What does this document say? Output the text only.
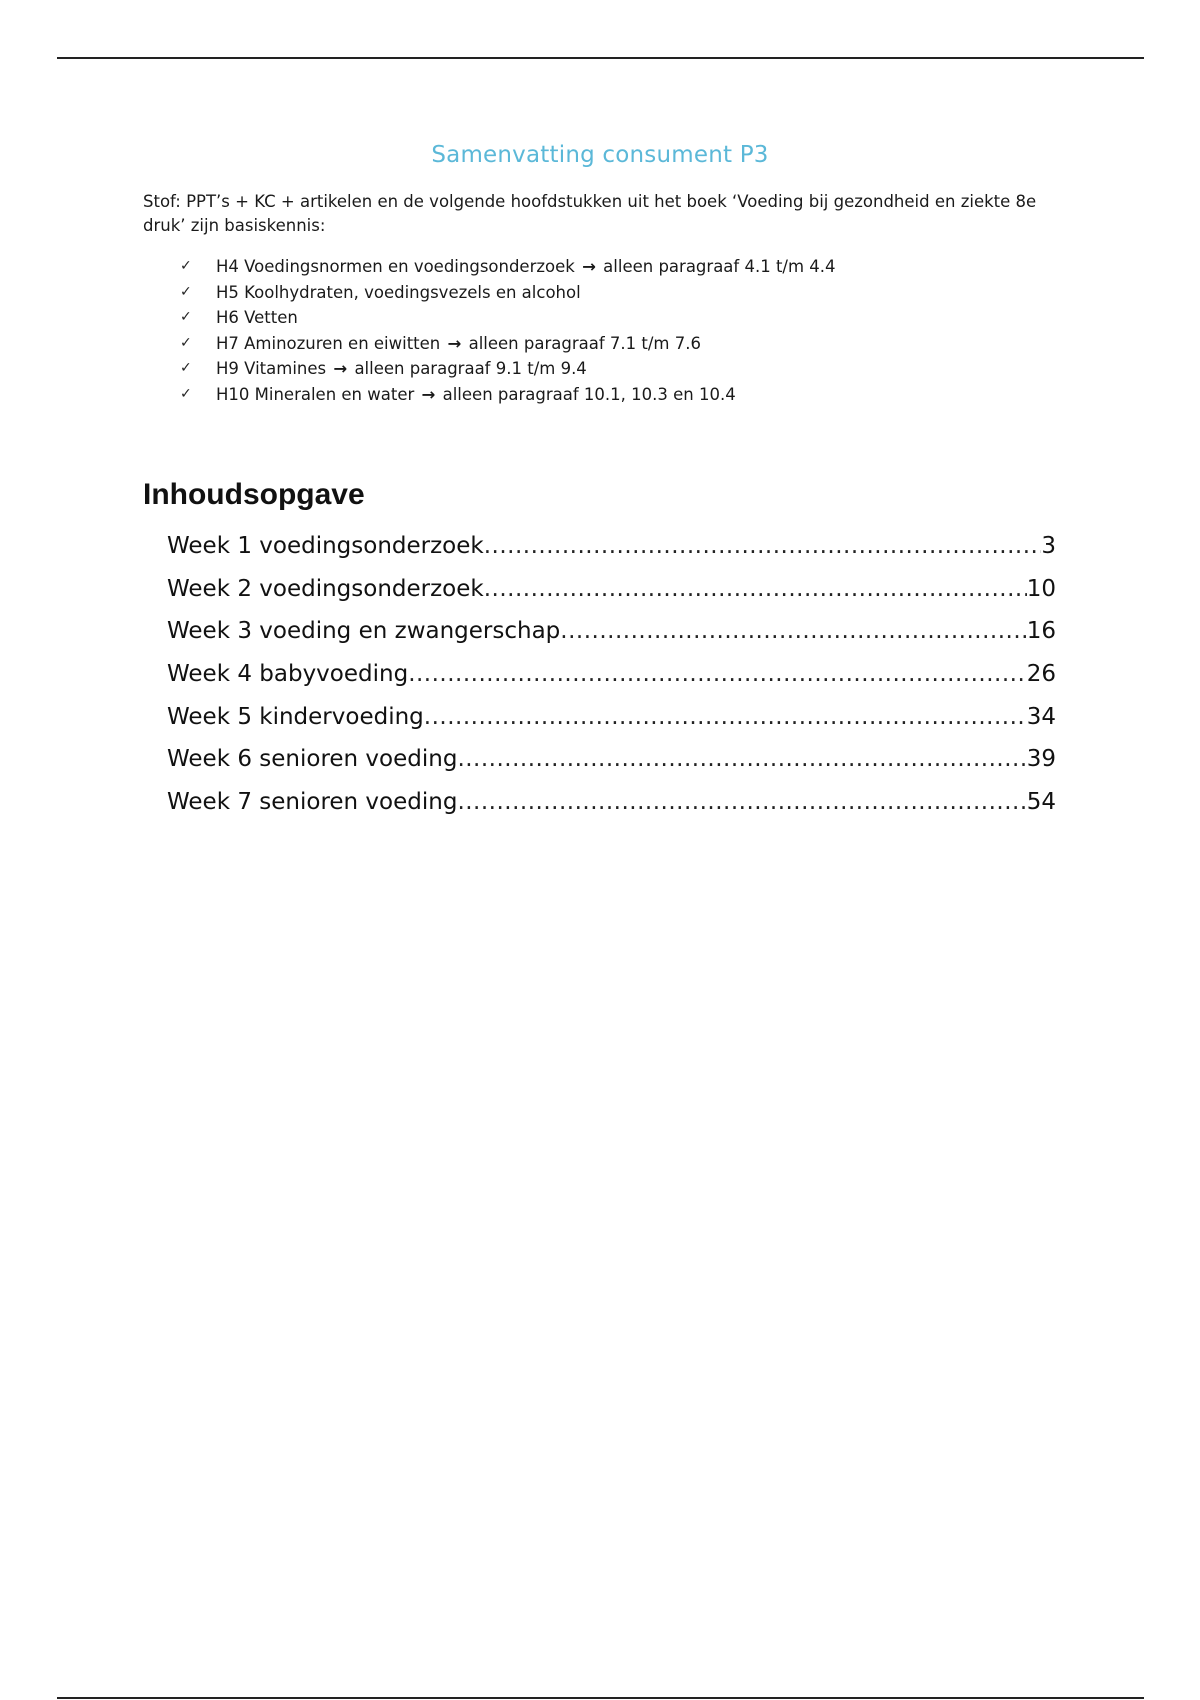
Samenvatting consument P3
Stof: PPT’s + KC + artikelen en de volgende hoofdstukken uit het boek ‘Voeding bij gezondheid en ziekte 8e druk’ zijn basiskennis:
✓ H4 Voedingsnormen en voedingsonderzoek → alleen paragraaf 4.1 t/m 4.4
✓ H5 Koolhydraten, voedingsvezels en alcohol
✓ H6 Vetten
✓ H7 Aminozuren en eiwitten → alleen paragraaf 7.1 t/m 7.6
✓ H9 Vitamines → alleen paragraaf 9.1 t/m 9.4
✓ H10 Mineralen en water → alleen paragraaf 10.1, 10.3 en 10.4
Inhoudsopgave
Week 1 voedingsonderzoek .....	3
Week 2 voedingsonderzoek .....	10
Week 3 voeding en zwangerschap .....	16
Week 4 babyvoeding .....	26
Week 5 kindervoeding .....	34
Week 6 senioren voeding .....	39
Week 7 senioren voeding .....	54
